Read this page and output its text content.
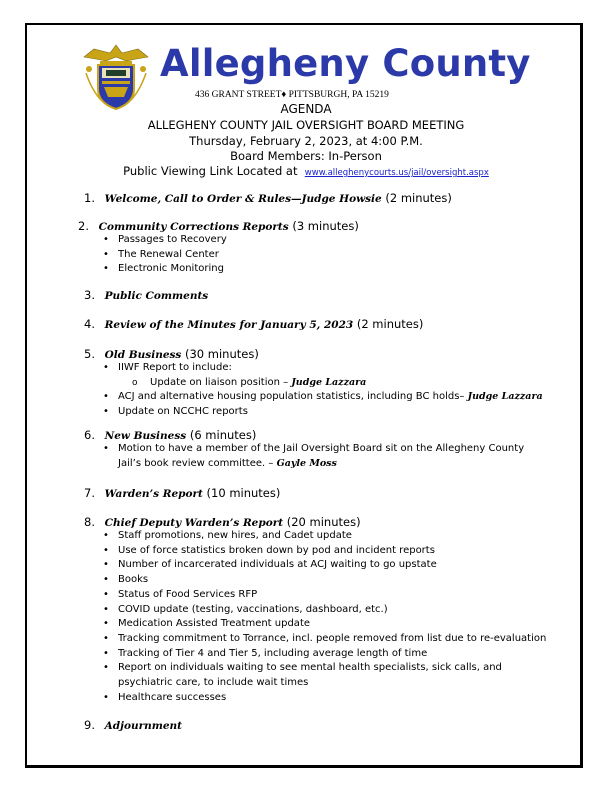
Allegheny County
436 GRANT STREET♦ PITTSBURGH, PA 15219
AGENDA
ALLEGHENY COUNTY JAIL OVERSIGHT BOARD MEETING
Thursday, February 2, 2023, at 4:00 P.M.
Board Members: In-Person
Public Viewing Link Located at www.alleghenycourts.us/jail/oversight.aspx
1. Welcome, Call to Order & Rules—Judge Howsie (2 minutes)
2. Community Corrections Reports (3 minutes)
• Passages to Recovery
• The Renewal Center
• Electronic Monitoring
3. Public Comments
4. Review of the Minutes for January 5, 2023 (2 minutes)
5. Old Business (30 minutes)
• IIWF Report to include:
o Update on liaison position – Judge Lazzara
• ACJ and alternative housing population statistics, including BC holds– Judge Lazzara
• Update on NCCHC reports
6. New Business (6 minutes)
• Motion to have a member of the Jail Oversight Board sit on the Allegheny County Jail’s book review committee. – Gayle Moss
7. Warden’s Report (10 minutes)
8. Chief Deputy Warden’s Report (20 minutes)
• Staff promotions, new hires, and Cadet update
• Use of force statistics broken down by pod and incident reports
• Number of incarcerated individuals at ACJ waiting to go upstate
• Books
• Status of Food Services RFP
• COVID update (testing, vaccinations, dashboard, etc.)
• Medication Assisted Treatment update
• Tracking commitment to Torrance, incl. people removed from list due to re-evaluation
• Tracking of Tier 4 and Tier 5, including average length of time
• Report on individuals waiting to see mental health specialists, sick calls, and psychiatric care, to include wait times
• Healthcare successes
9. Adjournment
